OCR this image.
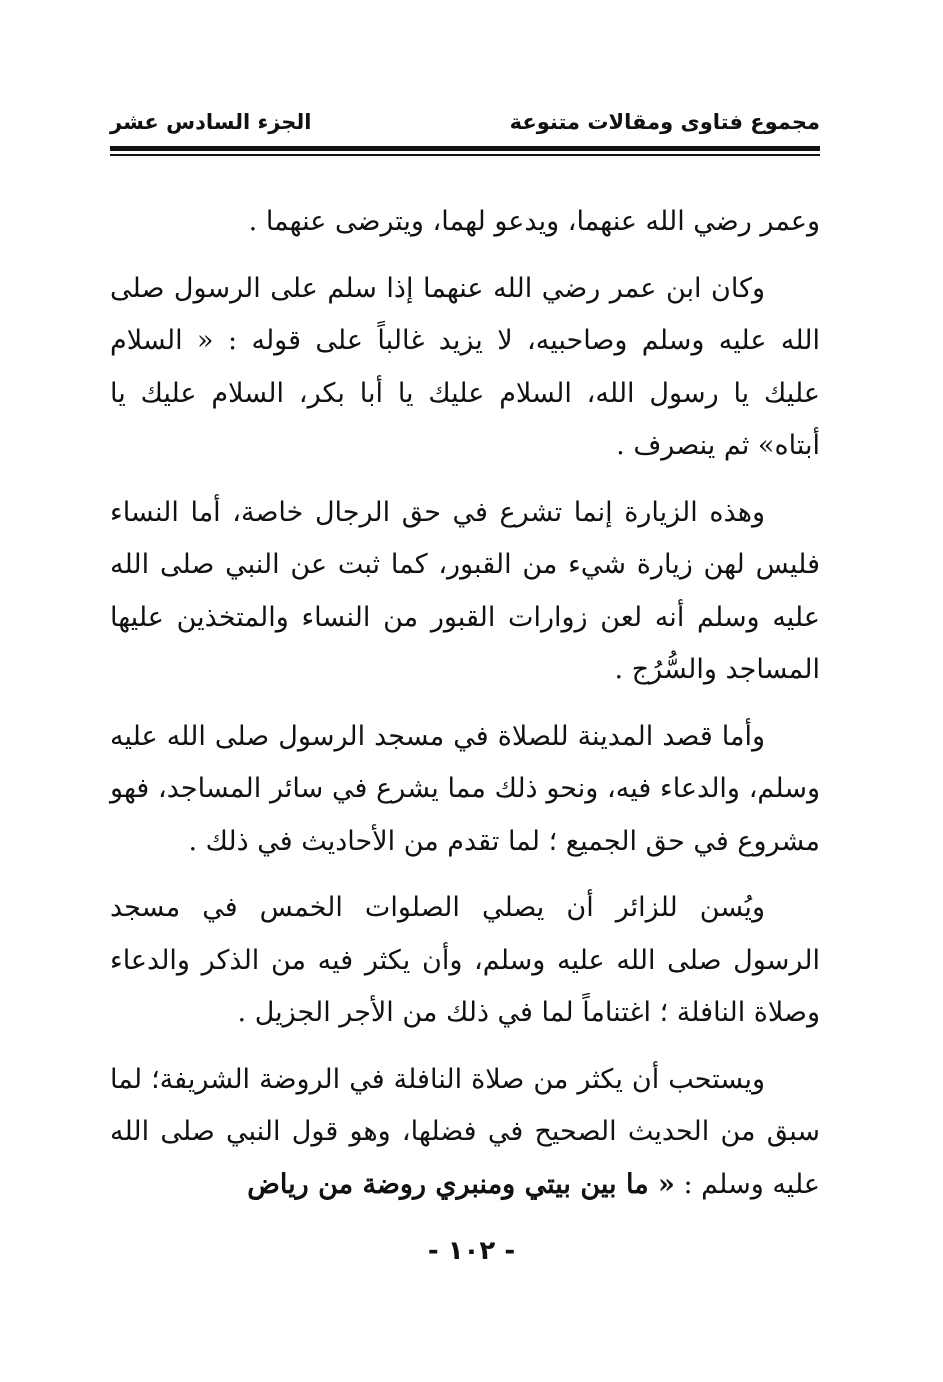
مجموع فتاوى ومقالات متنوعة
الجزء السادس عشر

وعمر رضي الله عنهما، ويدعو لهما، ويترضى عنهما .

وكان ابن عمر رضي الله عنهما إذا سلم على الرسول صلى الله عليه وسلم وصاحبيه، لا يزيد غالباً على قوله : « السلام عليك يا رسول الله، السلام عليك يا أبا بكر، السلام عليك يا أبتاه» ثم ينصرف .

وهذه الزيارة إنما تشرع في حق الرجال خاصة، أما النساء فليس لهن زيارة شيء من القبور، كما ثبت عن النبي صلى الله عليه وسلم أنه لعن زوارات القبور من النساء والمتخذين عليها المساجد والسُّرُج .

وأما قصد المدينة للصلاة في مسجد الرسول صلى الله عليه وسلم، والدعاء فيه، ونحو ذلك مما يشرع في سائر المساجد، فهو مشروع في حق الجميع ؛ لما تقدم من الأحاديث في ذلك .

ويُسن للزائر أن يصلي الصلوات الخمس في مسجد الرسول صلى الله عليه وسلم، وأن يكثر فيه من الذكر والدعاء وصلاة النافلة ؛ اغتناماً لما في ذلك من الأجر الجزيل .

ويستحب أن يكثر من صلاة النافلة في الروضة الشريفة؛ لما سبق من الحديث الصحيح في فضلها، وهو قول النبي صلى الله عليه وسلم : « ما بين بيتي ومنبري روضة من رياض

- ١٠٢ -
